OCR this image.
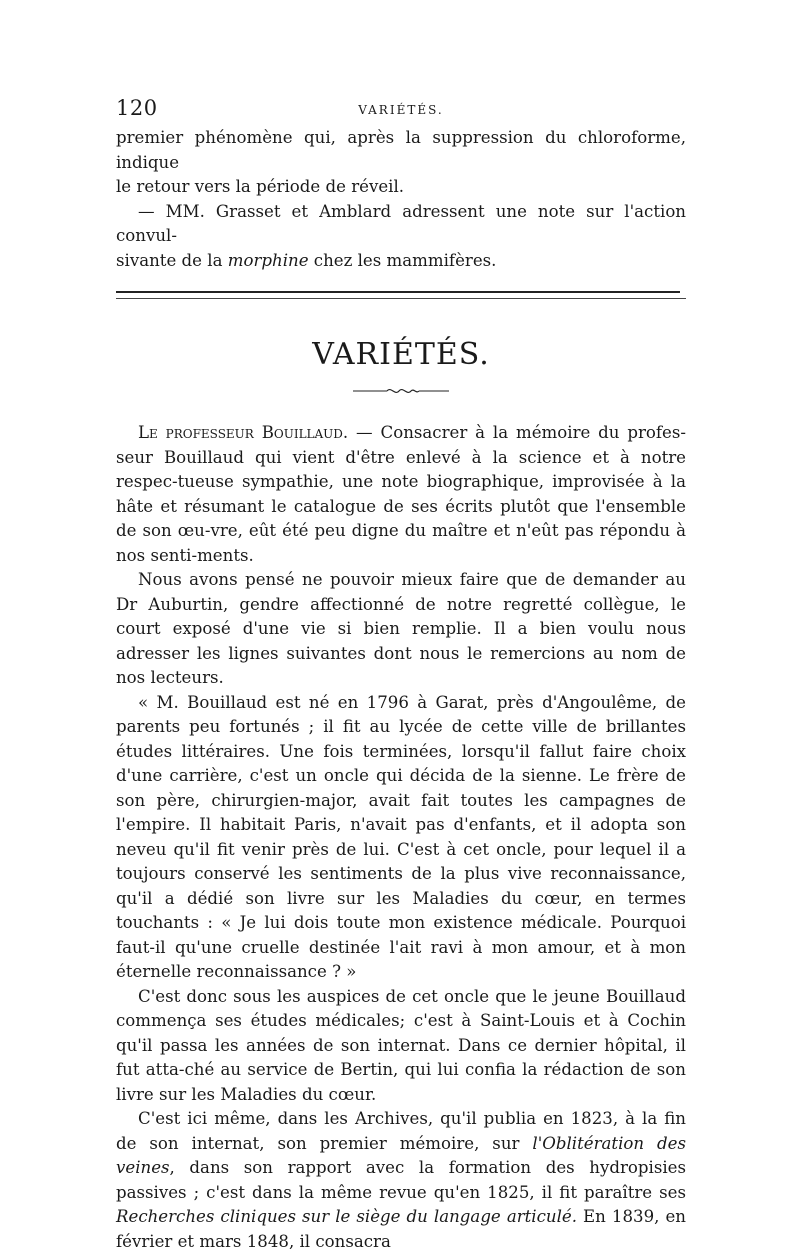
120	VARIÉTÉS.

premier phénomène qui, après la suppression du chloroforme, indique
le retour vers la période de réveil.

— MM. Grasset et Amblard adressent une note sur l'action convul-
sivante de la morphine chez les mammifères.

VARIÉTÉS.

Le professeur Bouillaud. — Consacrer à la mémoire du profes-seur Bouillaud qui vient d'être enlevé à la science et à notre respec-tueuse sympathie, une note biographique, improvisée à la hâte et résumant le catalogue de ses écrits plutôt que l'ensemble de son œu-vre, eût été peu digne du maître et n'eût pas répondu à nos senti-ments.

Nous avons pensé ne pouvoir mieux faire que de demander au Dr Auburtin, gendre affectionné de notre regretté collègue, le court exposé d'une vie si bien remplie. Il a bien voulu nous adresser les lignes suivantes dont nous le remercions au nom de nos lecteurs.

« M. Bouillaud est né en 1796 à Garat, près d'Angoulême, de parents peu fortunés ; il fit au lycée de cette ville de brillantes études littéraires. Une fois terminées, lorsqu'il fallut faire choix d'une carrière, c'est un oncle qui décida de la sienne. Le frère de son père, chirurgien-major, avait fait toutes les campagnes de l'empire. Il habitait Paris, n'avait pas d'enfants, et il adopta son neveu qu'il fit venir près de lui. C'est à cet oncle, pour lequel il a toujours conservé les sentiments de la plus vive reconnaissance, qu'il a dédié son livre sur les Maladies du cœur, en termes touchants : « Je lui dois toute mon existence médicale. Pourquoi faut-il qu'une cruelle destinée l'ait ravi à mon amour, et à mon éternelle reconnaissance ? »

C'est donc sous les auspices de cet oncle que le jeune Bouillaud commença ses études médicales; c'est à Saint-Louis et à Cochin qu'il passa les années de son internat. Dans ce dernier hôpital, il fut atta-ché au service de Bertin, qui lui confia la rédaction de son livre sur les Maladies du cœur.

C'est ici même, dans les Archives, qu'il publia en 1823, à la fin de son internat, son premier mémoire, sur l'Oblitération des veines, dans son rapport avec la formation des hydropisies passives ; c'est dans la même revue qu'en 1825, il fit paraître ses Recherches cliniques sur le siège du langage articulé. En 1839, en février et mars 1848, il consacra
